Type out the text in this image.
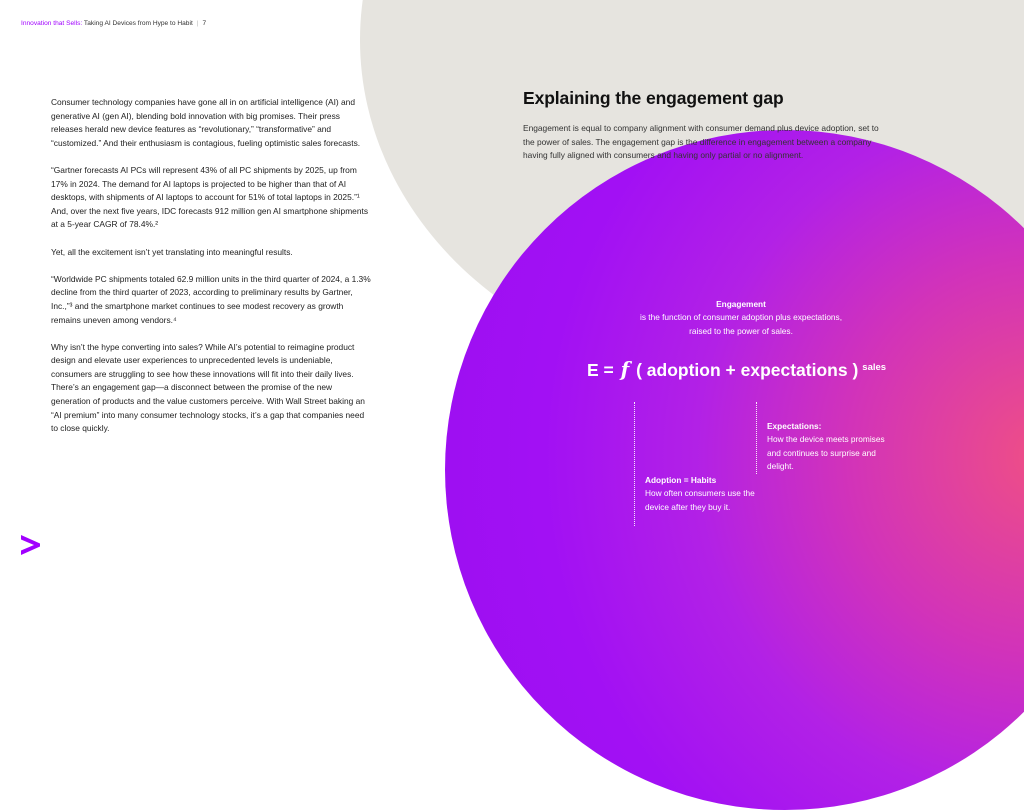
Innovation that Sells: Taking AI Devices from Hype to Habit | 7

Consumer technology companies have gone all in on artificial intelligence (AI) and generative AI (gen AI), blending bold innovation with big promises. Their press releases herald new device features as “revolutionary,” “transformative” and “customized.” And their enthusiasm is contagious, fueling optimistic sales forecasts.

“Gartner forecasts AI PCs will represent 43% of all PC shipments by 2025, up from 17% in 2024. The demand for AI laptops is projected to be higher than that of AI desktops, with shipments of AI laptops to account for 51% of total laptops in 2025.”¹ And, over the next five years, IDC forecasts 912 million gen AI smartphone shipments at a 5-year CAGR of 78.4%.²

Yet, all the excitement isn’t yet translating into meaningful results.

“Worldwide PC shipments totaled 62.9 million units in the third quarter of 2024, a 1.3% decline from the third quarter of 2023, according to preliminary results by Gartner, Inc.,”³ and the smartphone market continues to see modest recovery as growth remains uneven among vendors.⁴

Why isn’t the hype converting into sales? While AI’s potential to reimagine product design and elevate user experiences to unprecedented levels is undeniable, consumers are struggling to see how these innovations will fit into their daily lives. There’s an engagement gap—a disconnect between the promise of the new generation of products and the value customers perceive. With Wall Street baking an “AI premium” into many consumer technology stocks, it’s a gap that companies need to close quickly.

Explaining the engagement gap

Engagement is equal to company alignment with consumer demand plus device adoption, set to the power of sales. The engagement gap is the difference in engagement between a company having fully aligned with consumers and having only partial or no alignment.

Engagement
is the function of consumer adoption plus expectations, raised to the power of sales.
E = f ( adoption + expectations ) $^{sales}$
Expectations:
How the device meets promises and continues to surprise and delight.
Adoption = Habits
How often consumers use the device after they buy it.
